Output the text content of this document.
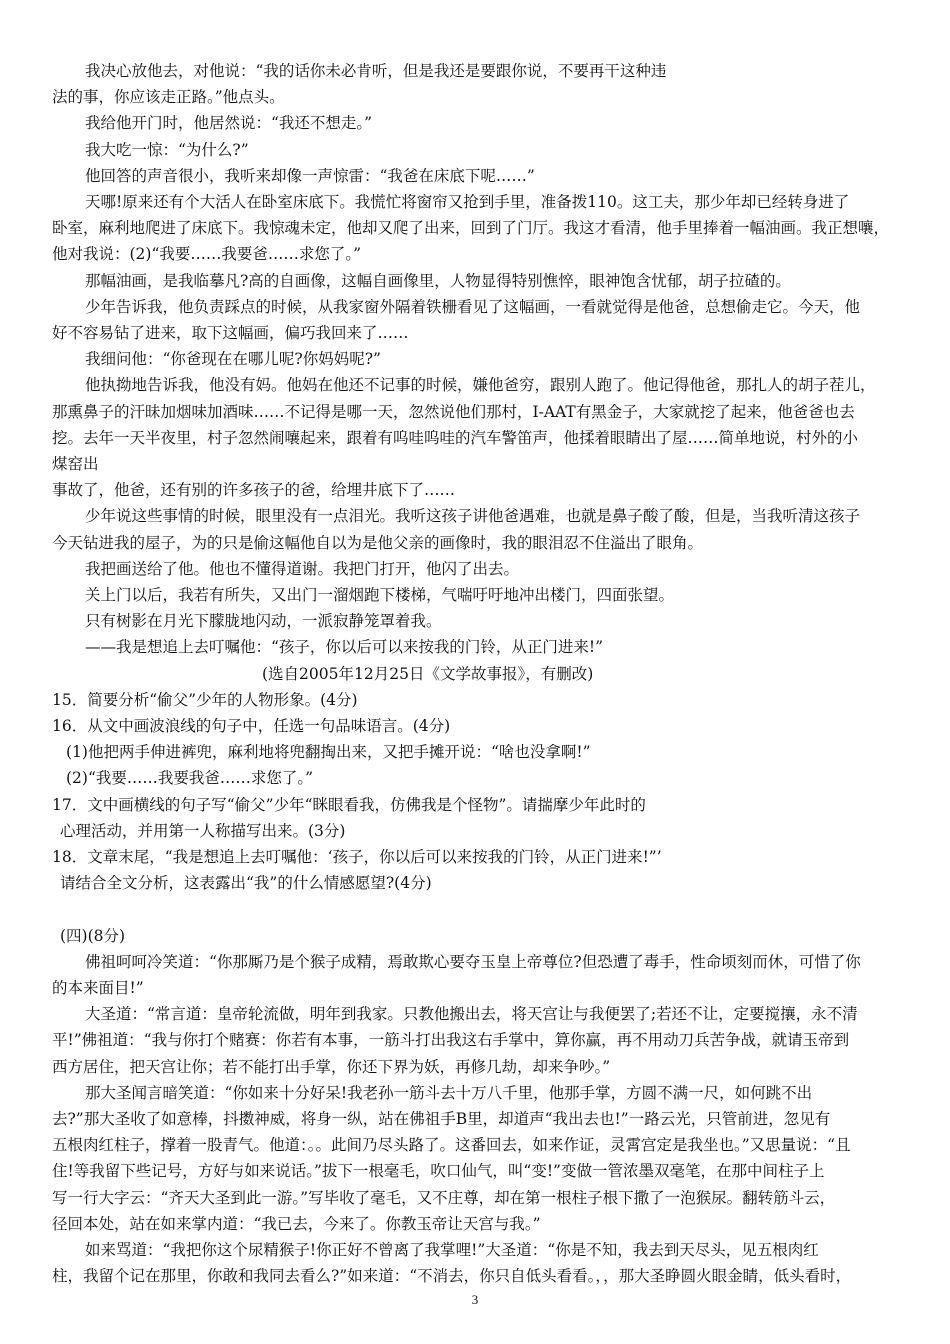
我决心放他去，对他说：“我的话你未必肯听，但是我还是要跟你说，不要再干这种违

法的事，你应该走正路。”他点头。

我给他开门时，他居然说：“我还不想走。”

我大吃一惊：“为什么?”

他回答的声音很小，我听来却像一声惊雷：“我爸在床底下呢……”

天哪!原来还有个大活人在卧室床底下。我慌忙将窗帘又抢到手里，准备拨110。这工夫，那少年却已经转身进了

卧室，麻利地爬进了床底下。我惊魂未定，他却又爬了出来，回到了门厅。我这才看清，他手里捧着一幅油画。我正想嚷，

他对我说：(2)“我要……我要爸……求您了。”

那幅油画，是我临摹凡?高的自画像，这幅自画像里，人物显得特别憔悴，眼神饱含忧郁，胡子拉碴的。

少年告诉我，他负责踩点的时候，从我家窗外隔着铁栅看见了这幅画，一看就觉得是他爸，总想偷走它。今天，他

好不容易钻了进来，取下这幅画，偏巧我回来了……

我细问他：“你爸现在在哪儿呢?你妈妈呢?”

他执拗地告诉我，他没有妈。他妈在他还不记事的时候，嫌他爸穷，跟别人跑了。他记得他爸，那扎人的胡子茬儿，

那熏鼻子的汗昧加烟味加酒味……不记得是哪一天，忽然说他们那村，I-AAT有黑金子，大家就挖了起来，他爸爸也去

挖。去年一天半夜里，村子忽然闹嚷起来，跟着有呜哇呜哇的汽车警笛声，他揉着眼睛出了屋……简单地说，村外的小

煤窑出

事故了，他爸，还有别的许多孩子的爸，给埋井底下了……

少年说这些事情的时候，眼里没有一点泪光。我听这孩子讲他爸遇难，也就是鼻子酸了酸，但是，当我听清这孩子

今天钻进我的屋子，为的只是偷这幅他自以为是他父亲的画像时，我的眼泪忍不住溢出了眼角。

我把画送给了他。他也不懂得道谢。我把门打开，他闪了出去。

关上门以后，我若有所失，又出门一溜烟跑下楼梯，气喘吁吁地冲出楼门，四面张望。

只有树影在月光下朦胧地闪动，一派寂静笼罩着我。

——我是想追上去叮嘱他：“孩子，你以后可以来按我的门铃，从正门进来!”

(选自2005年12月25日《文学故事报》，有删改)

15．简要分析“偷父”少年的人物形象。(4分)

16．从文中画波浪线的句子中，任选一句品味语言。(4分)

(1)他把两手伸进裤兜，麻利地将兜翻掏出来，又把手摊开说：“啥也没拿啊!”

(2)“我要……我要我爸……求您了。”

17．文中画横线的句子写“偷父”少年“眯眼看我，仿佛我是个怪物”。请揣摩少年此时的

心理活动，并用第一人称描写出来。(3分)

18．文章末尾，“我是想追上去叮嘱他：‘孩子，你以后可以来按我的门铃，从正门进来!”’

请结合全文分析，这表露出“我”的什么情感愿望?(4分)

(四)(8分)

佛祖呵呵冷笑道：“你那厮乃是个猴子成精，焉敢欺心要夺玉皇上帝尊位?但恐遭了毒手，性命顷刻而休，可惜了你

的本来面目!”

大圣道：“常言道：皇帝轮流做，明年到我家。只教他搬出去，将天宫让与我便罢了;若还不让，定要搅攘，永不清

平!”佛祖道：“我与你打个赌赛：你若有本事，一筋斗打出我这右手掌中，算你赢，再不用动刀兵苦争战，就请玉帝到

西方居住，把天宫让你；若不能打出手掌，你还下界为妖，再修几劫，却来争吵。”

那大圣闻言暗笑道：“你如来十分好呆!我老孙一筋斗去十万八千里，他那手掌，方圆不满一尺，如何跳不出

去?”那大圣收了如意棒，抖擞神威，将身一纵，站在佛祖手B里，却道声“我出去也!”一路云光，只管前进，忽见有

五根肉红柱子，撑着一股青气。他道：。。此间乃尽头路了。这番回去，如来作证，灵霄宫定是我坐也。”又思量说：“且

住!等我留下些记号，方好与如来说话。”拔下一根毫毛，吹口仙气，叫“变!”变做一管浓墨双毫笔，在那中间柱子上

写一行大字云：“齐天大圣到此一游。”写毕收了毫毛，又不庄尊，却在第一根柱子根下撒了一泡猴尿。翻转筋斗云，

径回本处，站在如来掌内道：“我已去，今来了。你教玉帝让天宫与我。”

如来骂道：“我把你这个尿精猴子!你正好不曾离了我掌哩!”大圣道：“你是不知，我去到天尽头，见五根肉红

柱，我留个记在那里，你敢和我同去看么?”如来道：“不消去，你只自低头看看。，，那大圣睁圆火眼金睛，低头看时，

3
